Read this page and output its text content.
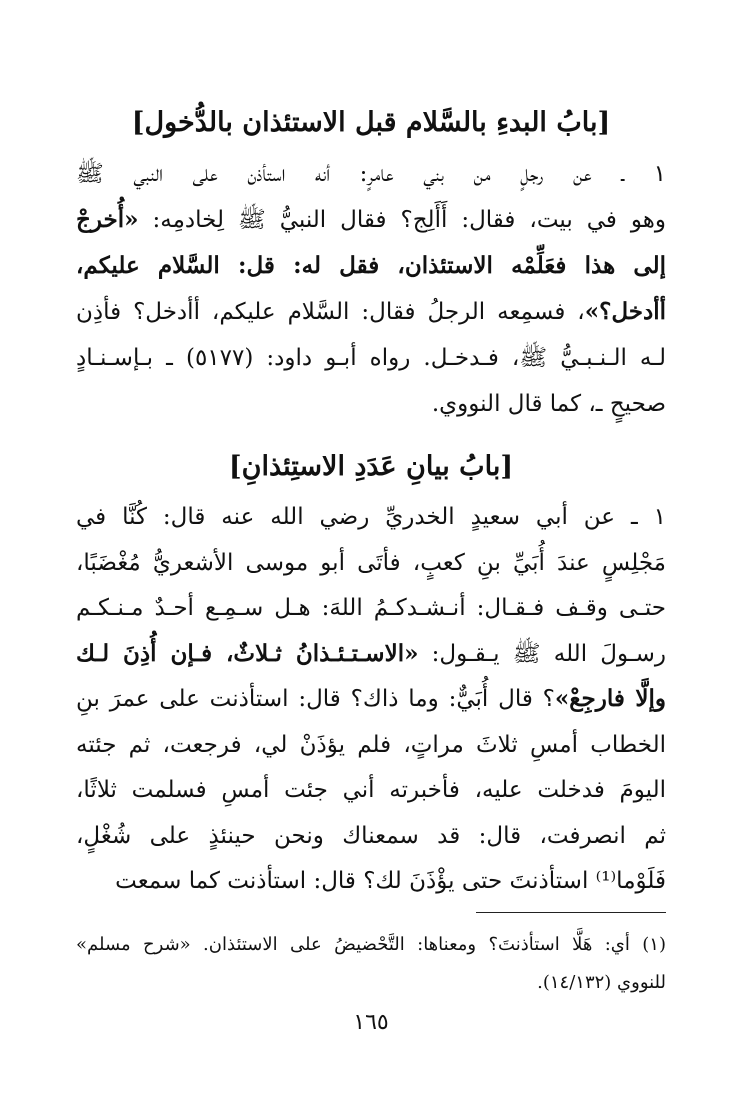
[بابُ البدءِ بالسَّلام قبل الاستئذان بالدُّخول]
١ ـ عن رجلٍ من بني عامرٍ: أنه استأذن على النبي ﷺ
وهو في بيت، فقال: أَأَلِج؟ فقال النبيُّ ﷺ لِخادمِه: «أُخرجْ
إلى هذا فعَلِّمْه الاستئذان، فقل له: قل: السَّلام عليكم،
أأدخل؟»، فسمِعه الرجلُ فقال: السَّلام عليكم، أأدخل؟ فأذِن
لـه الـنـبـيُّ ﷺ، فـدخـل. رواه أبـو داود: (٥١٧٧) ـ بـإسـنـادٍ
صحيحٍ ـ، كما قال النووي.
[بابُ بيانِ عَدَدِ الاستِئذانِ]
١ ـ عن أبي سعيدٍ الخدريِّ رضي الله عنه قال: كُنَّا في
مَجْلِسٍ عندَ أُبَيِّ بنِ كعبٍ، فأتَى أبو موسى الأشعريُّ مُغْضَبًا،
حتـى وقـف فـقـال: أنـشـدكـمُ اللهَ: هـل سـمِـع أحـدٌ مـنـكـم
رسـولَ الله ﷺ يـقـول: «الاسـتـئـذانُ ثـلاثٌ، فـإن أُذِنَ لـك
وإلَّا فارجِعْ»؟ قال أُبَيٌّ: وما ذاك؟ قال: استأذنت على عمرَ بنِ
الخطاب أمسِ ثلاثَ مراتٍ، فلم يؤذَنْ لي، فرجعت، ثم جئته
اليومَ فدخلت عليه، فأخبرته أني جئت أمسِ فسلمت ثلاثًا،
ثم انصرفت، قال: قد سمعناك ونحن حينئذٍ على شُغْلٍ،
فَلَوْما⁽¹⁾ استأذنتَ حتى يؤْذَنَ لك؟ قال: استأذنت كما سمعت
(١) أي: هَلَّا استأذنتَ؟ ومعناها: التَّحْضيضُ على الاستئذان. «شرح مسلم»
للنووي (١٤/١٣٢).
١٦٥
